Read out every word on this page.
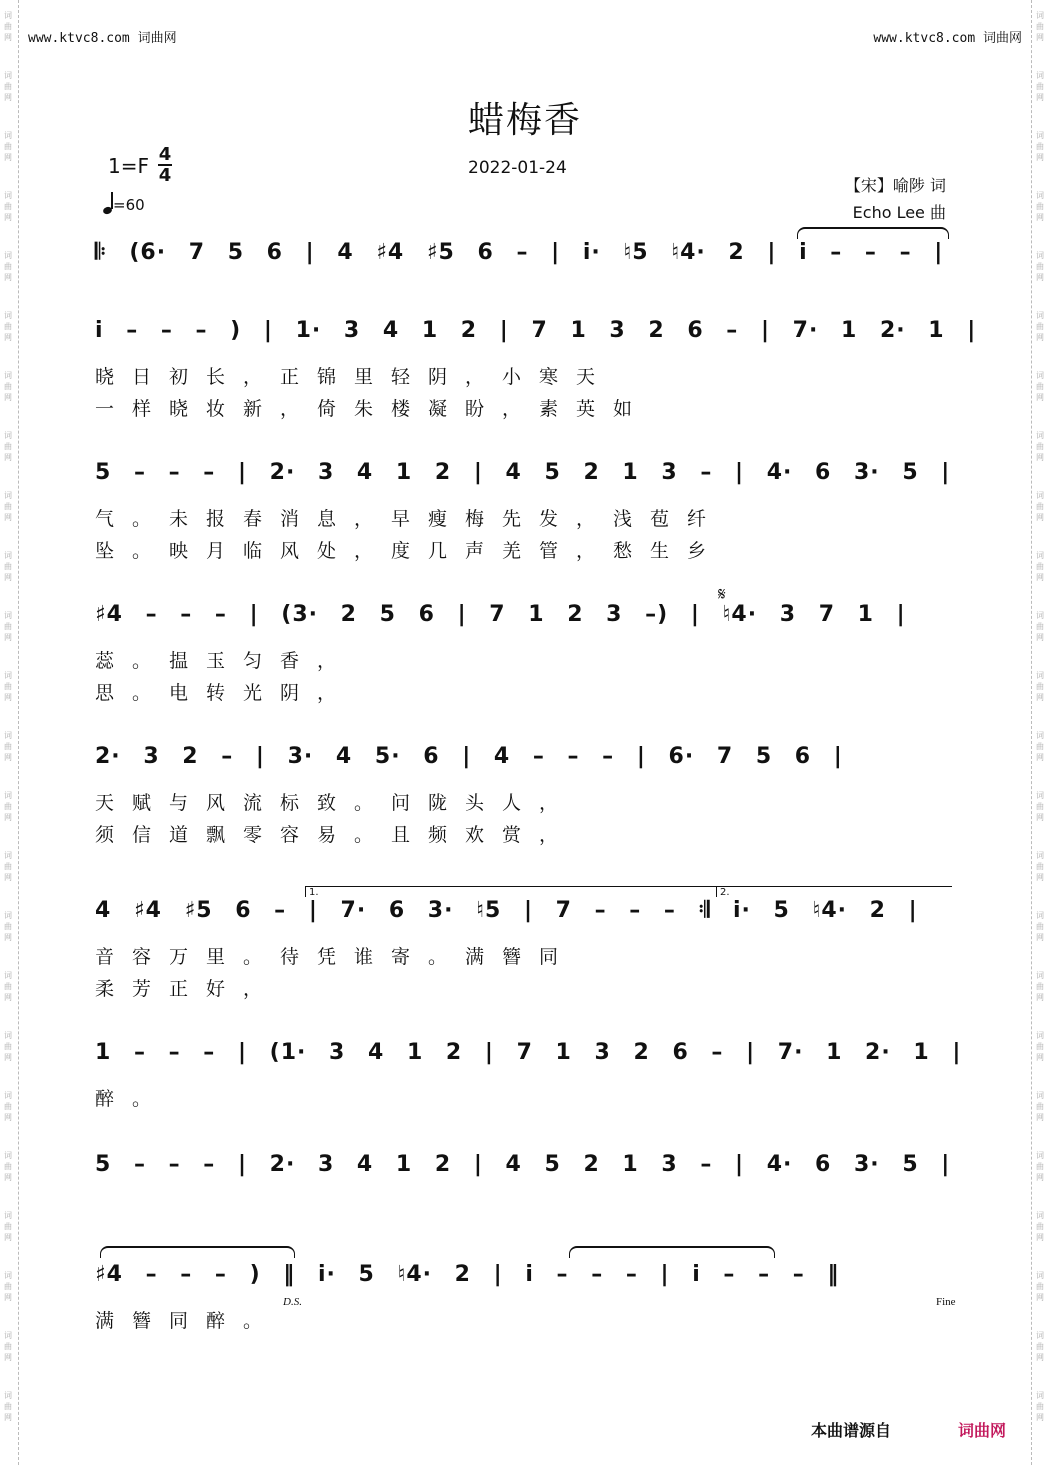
词
曲
网
词
曲
网
词
曲
网
词
曲
网
词
曲
网
词
曲
网
词
曲
网
词
曲
网
词
曲
网
词
曲
网
词
曲
网
词
曲
网
词
曲
网
词
曲
网
词
曲
网
词
曲
网
词
曲
网
词
曲
网
词
曲
网
词
曲
网
词
曲
网
词
曲
网
词
曲
网
词
曲
网
词
曲
网
词
曲
网
词
曲
网
词
曲
网
词
曲
网
词
曲
网
词
曲
网
词
曲
网
词
曲
网
词
曲
网
词
曲
网
词
曲
网
词
曲
网
词
曲
网
词
曲
网
词
曲
网
词
曲
网
词
曲
网
词
曲
网
词
曲
网
词
曲
网
词
曲
网
词
曲
网
词
曲
网
www.ktvc8.com 词曲网	www.ktvc8.com 词曲网
蜡梅香
1=F 4
4
=60
2022-01-24
【宋】喻陟 词
Echo Lee 曲
𝄆 (6· 7 5 6 | 4 ♯4 ♯5 6 – | i· ♮5 ♮4· 2 | i – – – |
i – – – ) | 1· 3 4 1 2 | 7 1 3 2 6 – | 7· 1 2· 1 |
晓日初长，正锦里轻阴，小寒天
一样晓妆新，倚朱楼凝盼，素英如
5 – – – | 2· 3 4 1 2 | 4 5 2 1 3 – | 4· 6 3· 5 |
气。未报春消息，早瘦梅先发，浅苞纤
坠。映月临风处，度几声羌管，愁生乡
♯4 – – – | (3· 2 5 6 | 7 1 2 3 –) | ♮4· 3 7 1 |
蕊。揾玉匀香，
思。电转光阴，
2· 3 2 – | 3· 4 5· 6 | 4 – – – | 6· 7 5 6 |
天赋与风流标致。问陇头人，
须信道飘零容易。且频欢赏，
4 ♯4 ♯5 6 – | 7· 6 3· ♮5 | 7 – – – 𝄇 i· 5 ♮4· 2 |
音容万里。待凭谁寄。满簪同
柔芳正好，
1 – – – | (1· 3 4 1 2 | 7 1 3 2 6 – | 7· 1 2· 1 |
醉。
5 – – – | 2· 3 4 1 2 | 4 5 2 1 3 – | 4· 6 3· 5 |
♯4 – – – ) ‖ i· 5 ♮4· 2 | i – – – | i – – – ‖
满簪同醉。
D.S.	Fine
𝄋
本曲谱源自	词曲网
1.	2.
